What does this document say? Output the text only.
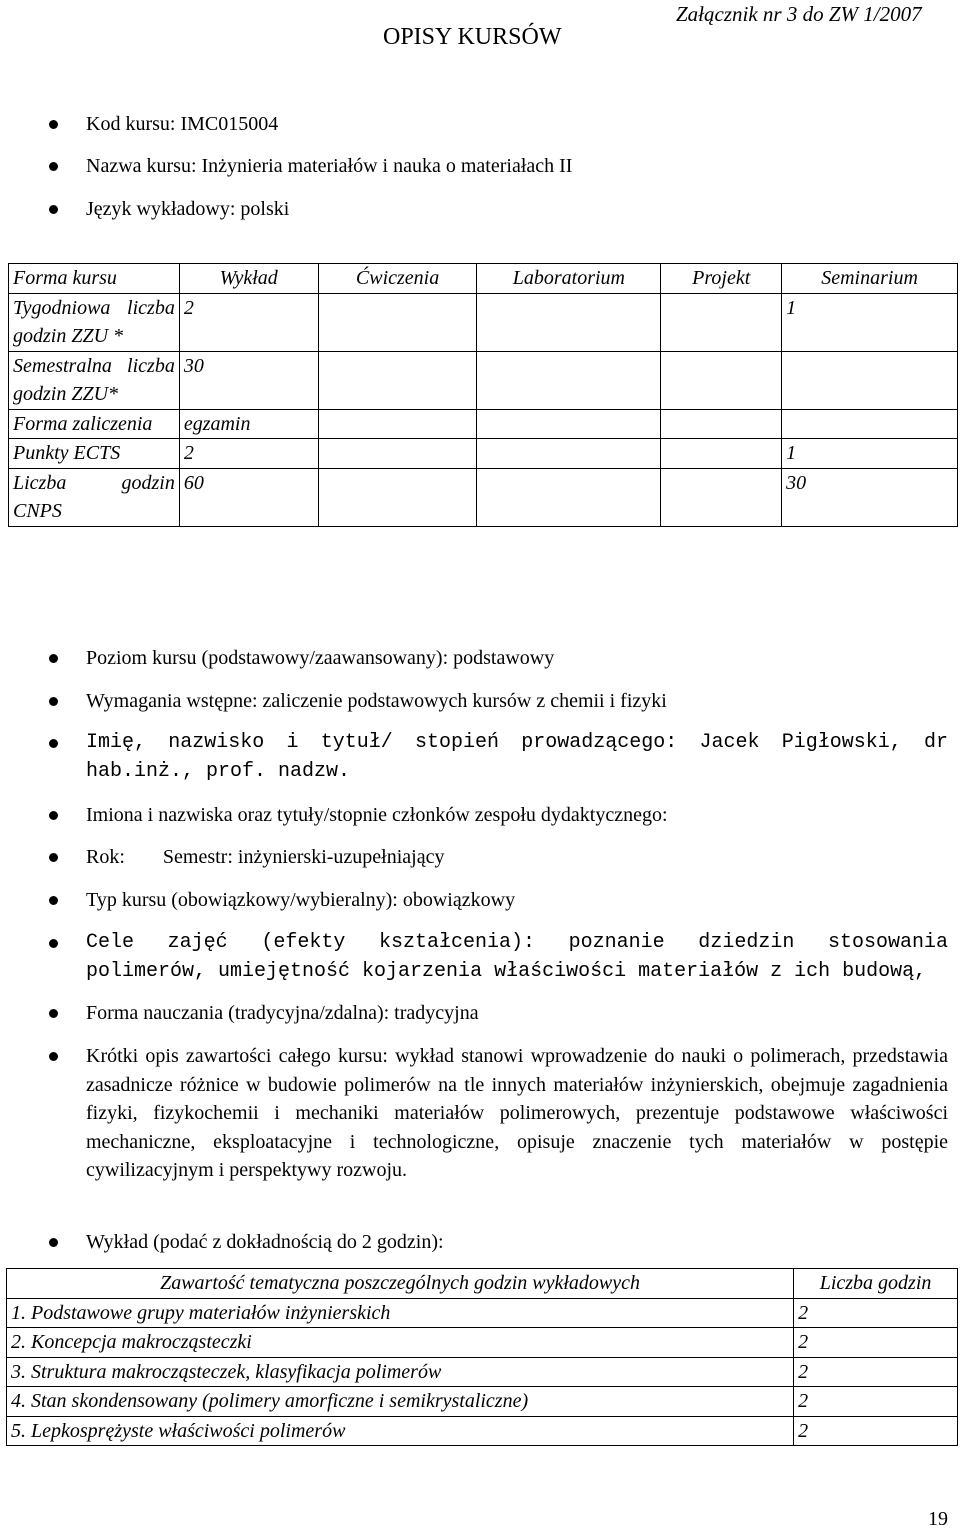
Załącznik nr 3 do ZW 1/2007
OPISY KURSÓW
Kod kursu: IMC015004
Nazwa kursu: Inżynieria materiałów i nauka o materiałach II
Język wykładowy: polski
Forma kursu	Wykład	Ćwiczenia	Laboratorium	Projekt	Seminarium
Tygodniowa liczba godzin ZZU *	2				1
Semestralna liczba godzin ZZU*	30				
Forma zaliczenia	egzamin				
Punkty ECTS	2				1
Liczba godzin CNPS	60				30
Poziom kursu (podstawowy/zaawansowany): podstawowy
Wymagania wstępne: zaliczenie podstawowych kursów z chemii i fizyki
Imię, nazwisko i tytuł/ stopień prowadzącego: Jacek Pigłowski, dr hab.inż., prof. nadzw.
Imiona i nazwiska oraz tytuły/stopnie członków zespołu dydaktycznego:
Rok: Semestr: inżynierski-uzupełniający
Typ kursu (obowiązkowy/wybieralny): obowiązkowy
Cele zajęć (efekty kształcenia): poznanie dziedzin stosowania polimerów, umiejętność kojarzenia właściwości materiałów z ich budową,
Forma nauczania (tradycyjna/zdalna): tradycyjna
Krótki opis zawartości całego kursu: wykład stanowi wprowadzenie do nauki o polimerach, przedstawia zasadnicze różnice w budowie polimerów na tle innych materiałów inżynierskich, obejmuje zagadnienia fizyki, fizykochemii i mechaniki materiałów polimerowych, prezentuje podstawowe właściwości mechaniczne, eksploatacyjne i technologiczne, opisuje znaczenie tych materiałów w postępie cywilizacyjnym i perspektywy rozwoju.
Wykład (podać z dokładnością do 2 godzin):
Zawartość tematyczna poszczególnych godzin wykładowych	Liczba godzin
1. Podstawowe grupy materiałów inżynierskich	2
2. Koncepcja makrocząsteczki	2
3. Struktura makrocząsteczek, klasyfikacja polimerów	2
4. Stan skondensowany (polimery amorficzne i semikrystaliczne)	2
5. Lepkosprężyste właściwości polimerów	2
19
